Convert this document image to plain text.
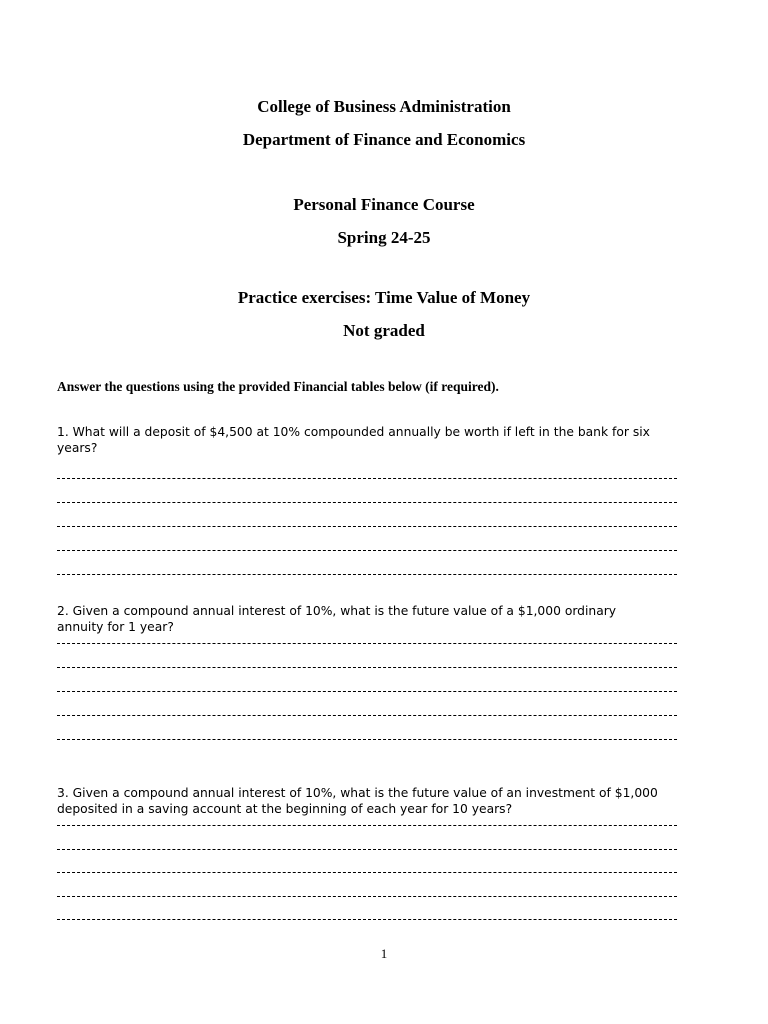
College of Business Administration
Department of Finance and Economics
Personal Finance Course
Spring 24-25
Practice exercises: Time Value of Money
Not graded
Answer the questions using the provided Financial tables below (if required).
1. What will a deposit of $4,500 at 10% compounded annually be worth if left in the bank for six
years?
2. Given a compound annual interest of 10%, what is the future value of a $1,000 ordinary
annuity for 1 year?
3. Given a compound annual interest of 10%, what is the future value of an investment of $1,000
deposited in a saving account at the beginning of each year for 10 years?
1
